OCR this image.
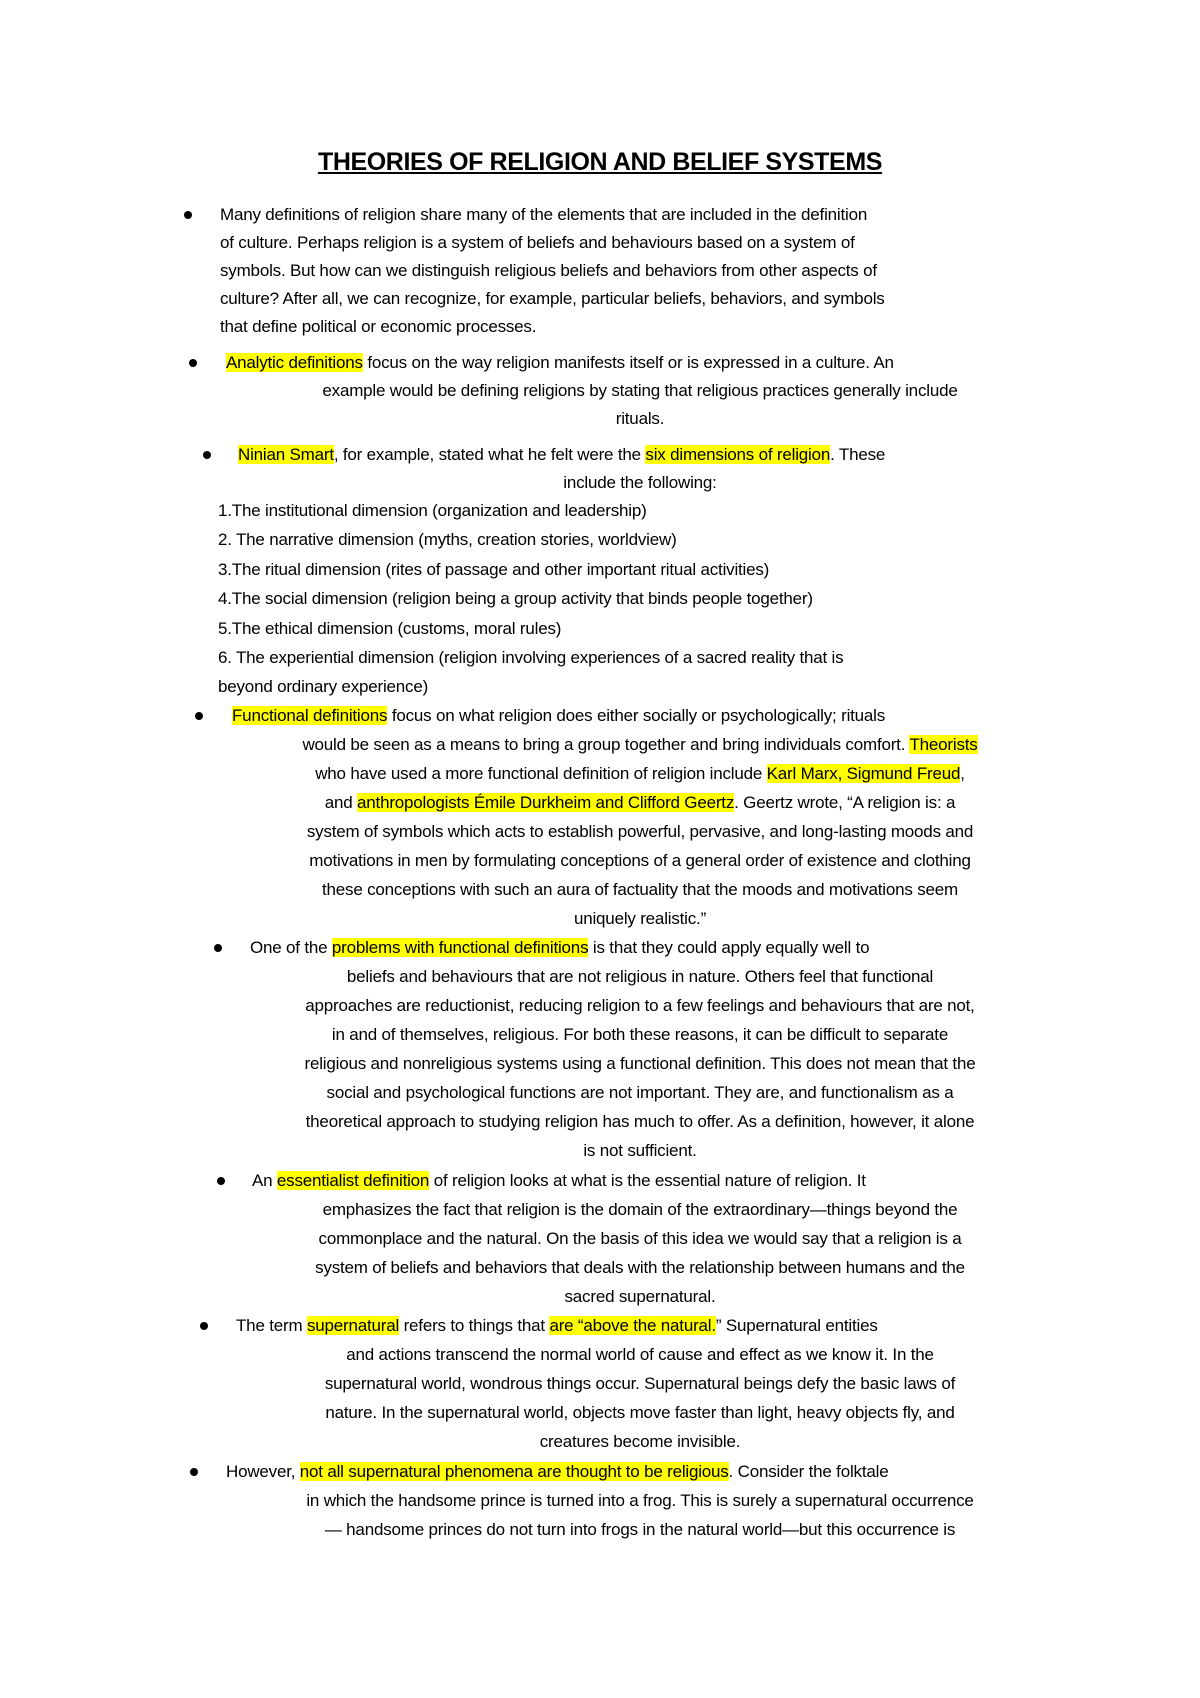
THEORIES OF RELIGION AND BELIEF SYSTEMS
Many definitions of religion share many of the elements that are included in the definition
of culture. Perhaps religion is a system of beliefs and behaviours based on a system of
symbols. But how can we distinguish religious beliefs and behaviors from other aspects of
culture? After all, we can recognize, for example, particular beliefs, behaviors, and symbols
that define political or economic processes.
Analytic definitions focus on the way religion manifests itself or is expressed in a culture. An
example would be defining religions by stating that religious practices generally include
rituals.
Ninian Smart, for example, stated what he felt were the six dimensions of religion. These
include the following:
1.The institutional dimension (organization and leadership)
2. The narrative dimension (myths, creation stories, worldview)
3.The ritual dimension (rites of passage and other important ritual activities)
4.The social dimension (religion being a group activity that binds people together)
5.The ethical dimension (customs, moral rules)
6. The experiential dimension (religion involving experiences of a sacred reality that is
beyond ordinary experience)
Functional definitions focus on what religion does either socially or psychologically; rituals
would be seen as a means to bring a group together and bring individuals comfort. Theorists
who have used a more functional definition of religion include Karl Marx, Sigmund Freud,
and anthropologists Émile Durkheim and Clifford Geertz. Geertz wrote, “A religion is: a
system of symbols which acts to establish powerful, pervasive, and long-lasting moods and
motivations in men by formulating conceptions of a general order of existence and clothing
these conceptions with such an aura of factuality that the moods and motivations seem
uniquely realistic.”
One of the problems with functional definitions is that they could apply equally well to
beliefs and behaviours that are not religious in nature. Others feel that functional
approaches are reductionist, reducing religion to a few feelings and behaviours that are not,
in and of themselves, religious. For both these reasons, it can be difficult to separate
religious and nonreligious systems using a functional definition. This does not mean that the
social and psychological functions are not important. They are, and functionalism as a
theoretical approach to studying religion has much to offer. As a definition, however, it alone
is not sufficient.
An essentialist definition of religion looks at what is the essential nature of religion. It
emphasizes the fact that religion is the domain of the extraordinary—things beyond the
commonplace and the natural. On the basis of this idea we would say that a religion is a
system of beliefs and behaviors that deals with the relationship between humans and the
sacred supernatural.
The term supernatural refers to things that are “above the natural.” Supernatural entities
and actions transcend the normal world of cause and effect as we know it. In the
supernatural world, wondrous things occur. Supernatural beings defy the basic laws of
nature. In the supernatural world, objects move faster than light, heavy objects fly, and
creatures become invisible.
However, not all supernatural phenomena are thought to be religious. Consider the folktale
in which the handsome prince is turned into a frog. This is surely a supernatural occurrence
— handsome princes do not turn into frogs in the natural world—but this occurrence is
